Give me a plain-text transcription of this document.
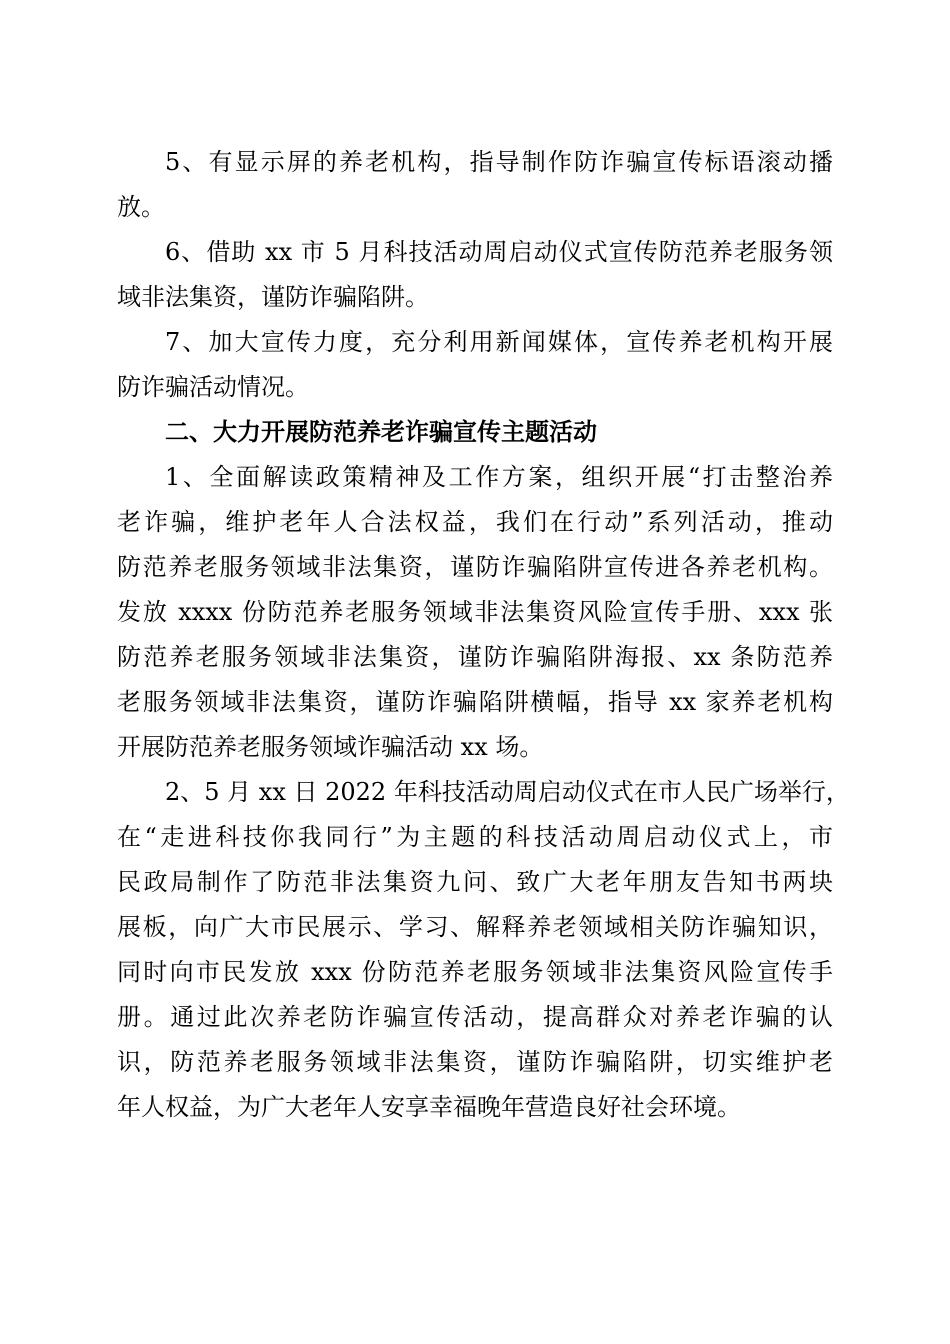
5、有显示屏的养老机构，指导制作防诈骗宣传标语滚动播
放。
6、借助 xx 市 5 月科技活动周启动仪式宣传防范养老服务领
域非法集资，谨防诈骗陷阱。
7、加大宣传力度，充分利用新闻媒体，宣传养老机构开展
防诈骗活动情况。
二、大力开展防范养老诈骗宣传主题活动
1、全面解读政策精神及工作方案，组织开展“打击整治养
老诈骗，维护老年人合法权益，我们在行动”系列活动，推动
防范养老服务领域非法集资，谨防诈骗陷阱宣传进各养老机构。
发放 xxxx 份防范养老服务领域非法集资风险宣传手册、xxx 张
防范养老服务领域非法集资，谨防诈骗陷阱海报、xx 条防范养
老服务领域非法集资，谨防诈骗陷阱横幅，指导 xx 家养老机构
开展防范养老服务领域诈骗活动 xx 场。
2、5 月 xx 日 2022 年科技活动周启动仪式在市人民广场举行，
在“走进科技你我同行”为主题的科技活动周启动仪式上，市
民政局制作了防范非法集资九问、致广大老年朋友告知书两块
展板，向广大市民展示、学习、解释养老领域相关防诈骗知识，
同时向市民发放 xxx 份防范养老服务领域非法集资风险宣传手
册。通过此次养老防诈骗宣传活动，提高群众对养老诈骗的认
识，防范养老服务领域非法集资，谨防诈骗陷阱，切实维护老
年人权益，为广大老年人安享幸福晚年营造良好社会环境。
